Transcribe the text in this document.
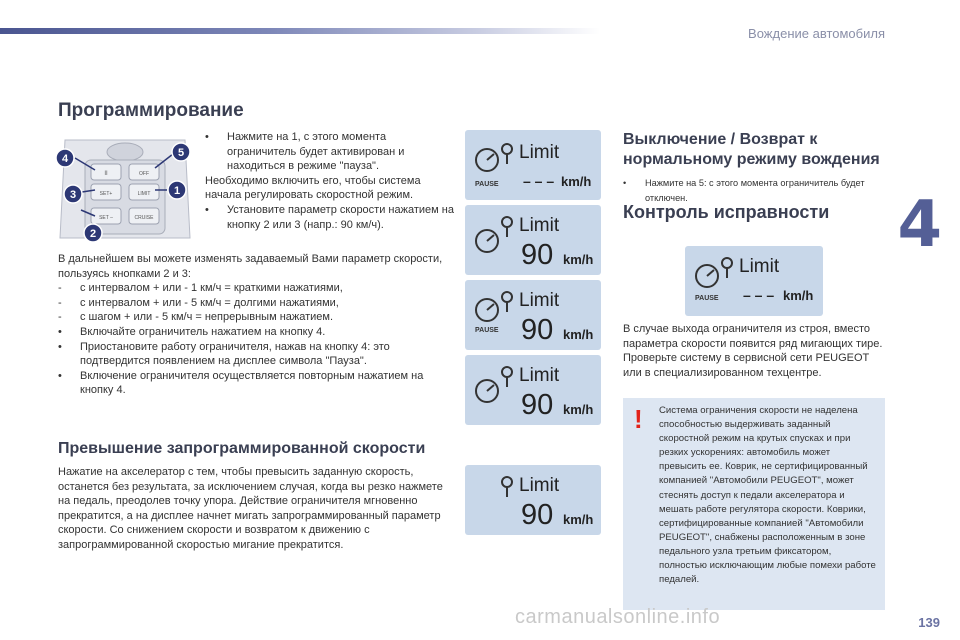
Вождение автомобиля
4
139
Программирование
II
SET+
SET –
LIMIT
CRUISE
OFF
1
2
3
4	5
•	Нажмите на 1, с этого момента ограничитель будет активирован и находиться в режиме "пауза".

Необходимо включить его, чтобы система начала регулировать скоростной режим.

•	Установите параметр скорости нажатием на кнопку 2 или 3 (напр.: 90 км/ч).

В дальнейшем вы можете изменять задаваемый Вами параметр скорости, пользуясь кнопками 2 и 3:

-	с интервалом + или - 1 км/ч = краткими нажатиями,
-	с интервалом + или - 5 км/ч = долгими нажатиями,
-	с шагом + или - 5 км/ч = непрерывным нажатием.
•	Включайте ограничитель нажатием на кнопку 4.
•	Приостановите работу ограничителя, нажав на кнопку 4: это подтвердится появлением на дисплее символа "Пауза".
•	Включение ограничителя осуществляется повторным нажатием на кнопку 4.
Превышение запрограммированной скорости
Нажатие на акселератор с тем, чтобы превысить заданную скорость, останется без результата, за исключением случая, когда вы резко нажмете на педаль, преодолев точку упора. Действие ограничителя мгновенно прекратится, а на дисплее начнет мигать запрограммированный параметр скорости. Со снижением скорости и возвратом к движению с запрограммированной скоростью мигание прекратится.
Limit
PAUSE – – – km/h
Limit
90 km/h
Limit
PAUSE 90 km/h
Limit
90 km/h
Limit
90 km/h
Выключение / Возврат к нормальному режиму вождения
•	Нажмите на 5: с этого момента ограничитель будет отключен.
Контроль исправности
Limit
PAUSE – – – km/h

В случае выхода ограничителя из строя, вместо параметра скорости появится ряд мигающих тире.

Проверьте систему в сервисной сети PEUGEOT или в специализированном техцентре.

! Система ограничения скорости не наделена способностью выдерживать заданный скоростной режим на крутых спусках и при резких ускорениях: автомобиль может превысить ее. Коврик, не сертифицированный компанией "Автомобили PEUGEOT", может стеснять доступ к педали акселератора и мешать работе регулятора скорости. Коврики, сертифицированные компанией "Автомобили PEUGEOT", снабжены расположенным в зоне педального узла третьим фиксатором, полностью исключающим любые помехи работе педалей.
carmanualsonline.info
